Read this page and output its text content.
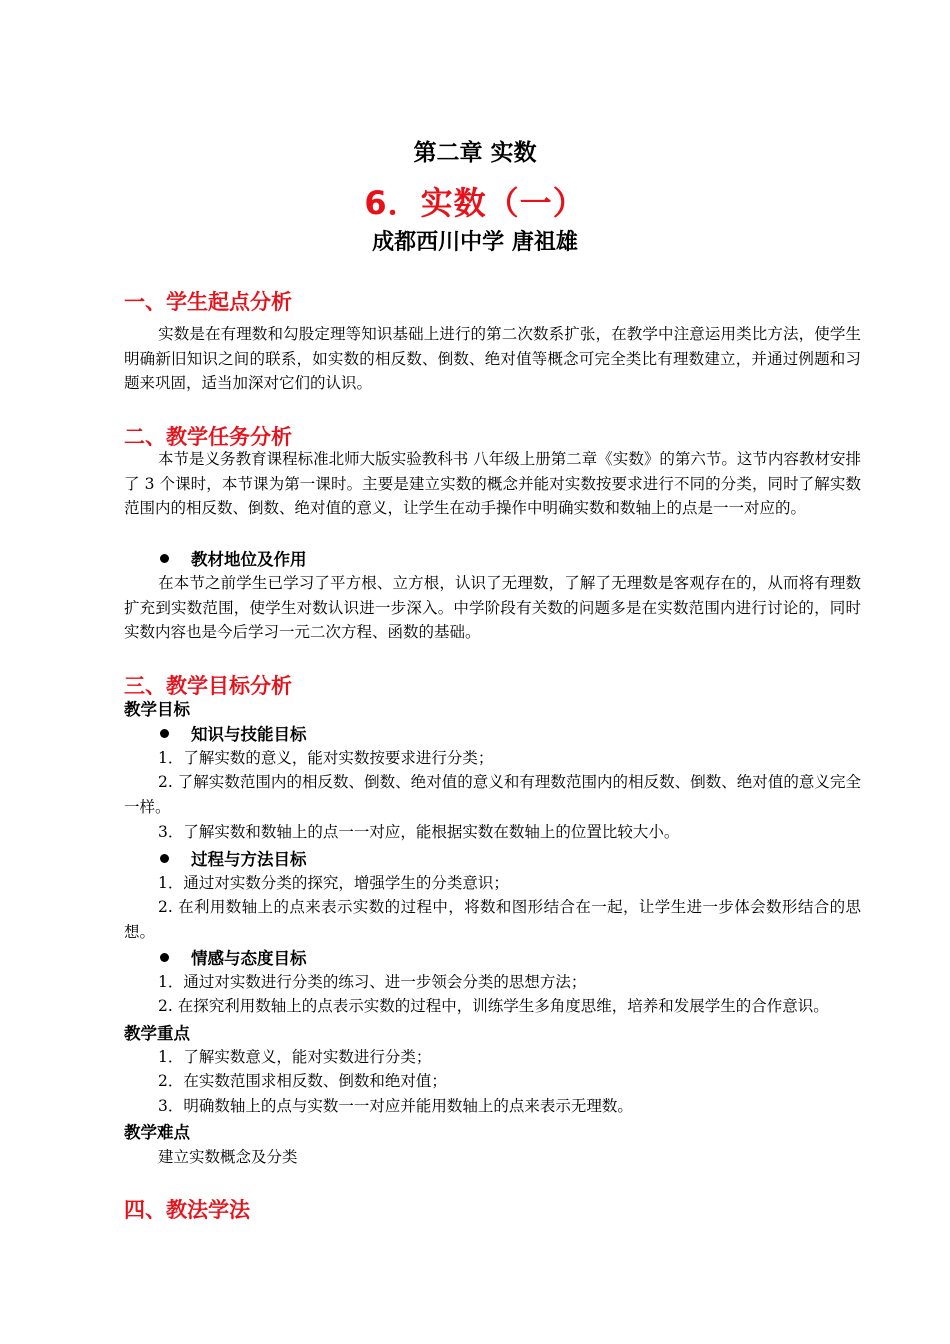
第二章 实数
6．实数（一）
成都西川中学 唐祖雄
一、学生起点分析

实数是在有理数和勾股定理等知识基础上进行的第二次数系扩张，在教学中注意运用类比方法，使学生明确新旧知识之间的联系，如实数的相反数、倒数、绝对值等概念可完全类比有理数建立，并通过例题和习题来巩固，适当加深对它们的认识。

二、教学任务分析

本节是义务教育课程标准北师大版实验教科书 八年级上册第二章《实数》的第六节。这节内容教材安排了 3 个课时，本节课为第一课时。主要是建立实数的概念并能对实数按要求进行不同的分类，同时了解实数范围内的相反数、倒数、绝对值的意义，让学生在动手操作中明确实数和数轴上的点是一一对应的。

教材地位及作用

在本节之前学生已学习了平方根、立方根，认识了无理数，了解了无理数是客观存在的，从而将有理数扩充到实数范围，使学生对数认识进一步深入。中学阶段有关数的问题多是在实数范围内进行讨论的，同时实数内容也是今后学习一元二次方程、函数的基础。

三、教学目标分析
教学目标
知识与技能目标
1．了解实数的意义，能对实数按要求进行分类；

2. 了解实数范围内的相反数、倒数、绝对值的意义和有理数范围内的相反数、倒数、绝对值的意义完全一样。

3．了解实数和数轴上的点一一对应，能根据实数在数轴上的位置比较大小。
过程与方法目标
1．通过对实数分类的探究，增强学生的分类意识；

2. 在利用数轴上的点来表示实数的过程中，将数和图形结合在一起，让学生进一步体会数形结合的思想。

情感与态度目标
1．通过对实数进行分类的练习、进一步领会分类的思想方法；
2. 在探究利用数轴上的点表示实数的过程中，训练学生多角度思维，培养和发展学生的合作意识。
教学重点
1．了解实数意义，能对实数进行分类；
2．在实数范围求相反数、倒数和绝对值；
3．明确数轴上的点与实数一一对应并能用数轴上的点来表示无理数。
教学难点
建立实数概念及分类
四、教法学法
